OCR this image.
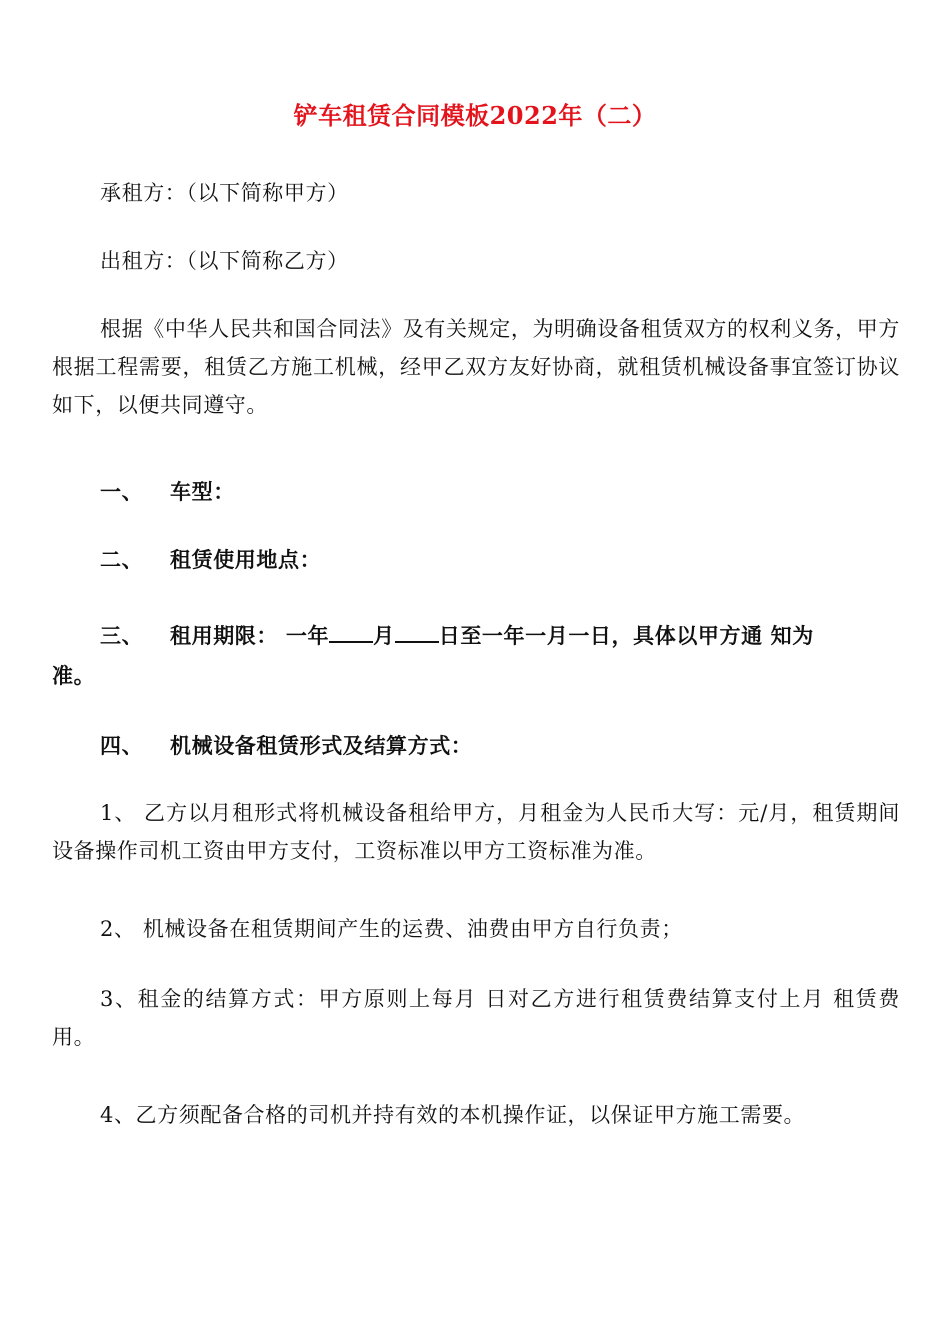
铲车租赁合同模板2022年（二）
承租方：（以下简称甲方）
出租方：（以下简称乙方）
根据《中华人民共和国合同法》及有关规定，为明确设备租赁双方的权利义务，甲方根据工程需要，租赁乙方施工机械，经甲乙双方友好协商，就租赁机械设备事宜签订协议如下，以便共同遵守。
一、 车型：
二、 租赁使用地点：
三、 租用期限： 一年 月 日至一年一月一日，具体以甲方通 知为
准。
四、 机械设备租赁形式及结算方式：
1、 乙方以月租形式将机械设备租给甲方，月租金为人民币大写：元/月，租赁期间设备操作司机工资由甲方支付，工资标准以甲方工资标准为准。
2、 机械设备在租赁期间产生的运费、油费由甲方自行负责；
3、租金的结算方式：甲方原则上每月 日对乙方进行租赁费结算支付上月 租赁费用。
4、乙方须配备合格的司机并持有效的本机操作证，以保证甲方施工需要。
